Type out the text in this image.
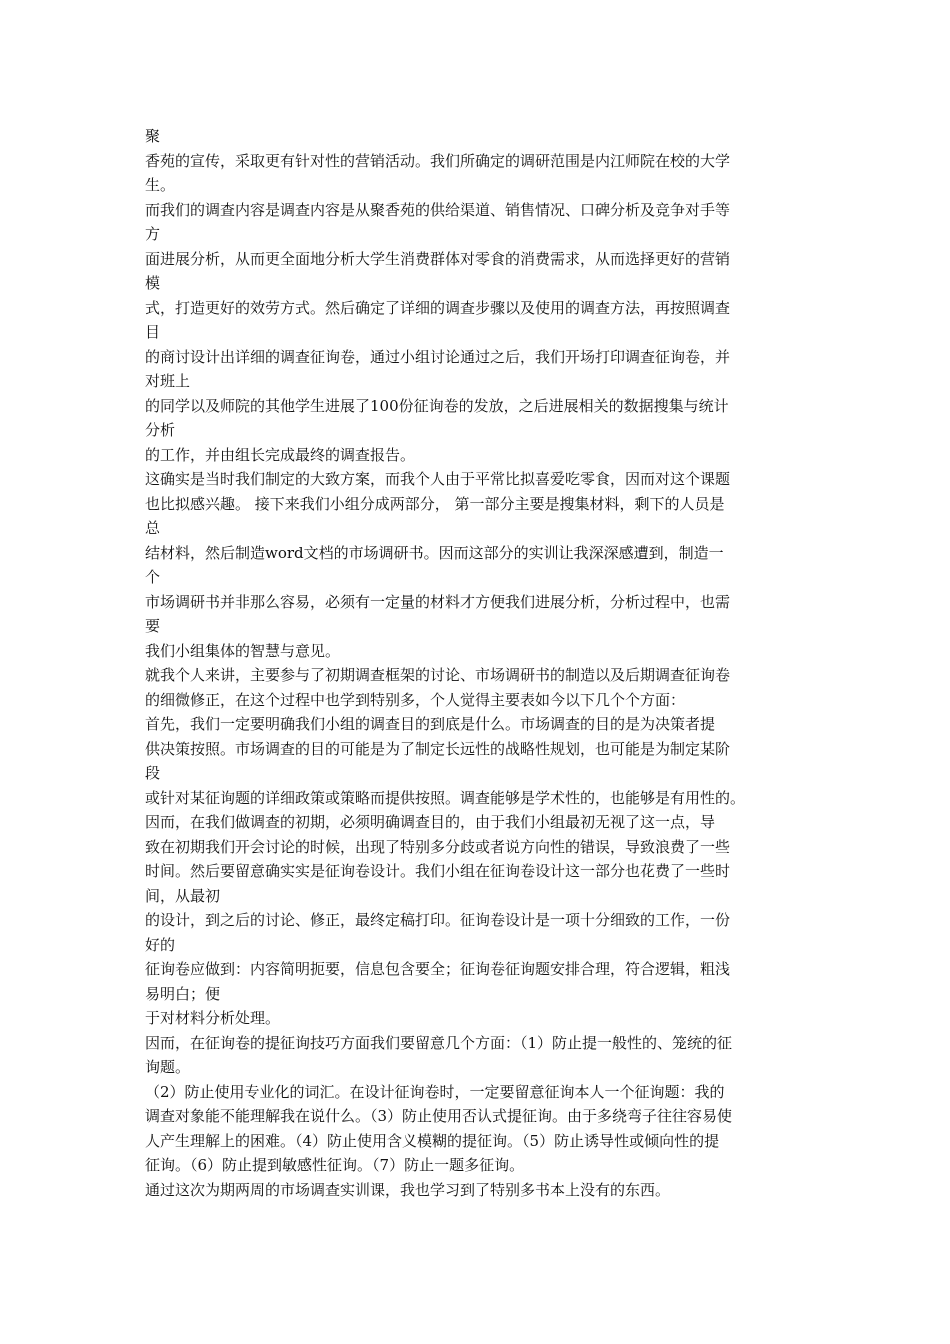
聚
香苑的宣传，采取更有针对性的营销活动。我们所确定的调研范围是内江师院在校的大学
生。
而我们的调查内容是调查内容是从聚香苑的供给渠道、销售情况、口碑分析及竞争对手等
方
面进展分析，从而更全面地分析大学生消费群体对零食的消费需求，从而选择更好的营销
模
式，打造更好的效劳方式。然后确定了详细的调查步骤以及使用的调查方法，再按照调查
目
的商讨设计出详细的调查征询卷，通过小组讨论通过之后，我们开场打印调查征询卷，并
对班上
的同学以及师院的其他学生进展了100份征询卷的发放，之后进展相关的数据搜集与统计
分析
的工作，并由组长完成最终的调查报告。
这确实是当时我们制定的大致方案，而我个人由于平常比拟喜爱吃零食，因而对这个课题
也比拟感兴趣。 接下来我们小组分成两部分， 第一部分主要是搜集材料，剩下的人员是
总
结材料，然后制造word文档的市场调研书。因而这部分的实训让我深深感遭到，制造一
个
市场调研书并非那么容易，必须有一定量的材料才方便我们进展分析，分析过程中，也需
要
我们小组集体的智慧与意见。
就我个人来讲，主要参与了初期调查框架的讨论、市场调研书的制造以及后期调查征询卷
的细微修正，在这个过程中也学到特别多，个人觉得主要表如今以下几个个方面：
首先，我们一定要明确我们小组的调查目的到底是什么。市场调查的目的是为决策者提
供决策按照。市场调查的目的可能是为了制定长远性的战略性规划，也可能是为制定某阶
段
或针对某征询题的详细政策或策略而提供按照。调查能够是学术性的，也能够是有用性的。
因而，在我们做调查的初期，必须明确调查目的，由于我们小组最初无视了这一点，导
致在初期我们开会讨论的时候，出现了特别多分歧或者说方向性的错误，导致浪费了一些
时间。然后要留意确实实是征询卷设计。我们小组在征询卷设计这一部分也花费了一些时
间，从最初
的设计，到之后的讨论、修正，最终定稿打印。征询卷设计是一项十分细致的工作，一份
好的
征询卷应做到：内容简明扼要，信息包含要全；征询卷征询题安排合理，符合逻辑，粗浅
易明白；便
于对材料分析处理。
因而，在征询卷的提征询技巧方面我们要留意几个方面：（1）防止提一般性的、笼统的征
询题。
（2）防止使用专业化的词汇。在设计征询卷时，一定要留意征询本人一个征询题：我的
调查对象能不能理解我在说什么。（3）防止使用否认式提征询。由于多绕弯子往往容易使
人产生理解上的困难。（4）防止使用含义模糊的提征询。（5）防止诱导性或倾向性的提
征询。（6）防止提到敏感性征询。（7）防止一题多征询。
通过这次为期两周的市场调查实训课，我也学习到了特别多书本上没有的东西。
